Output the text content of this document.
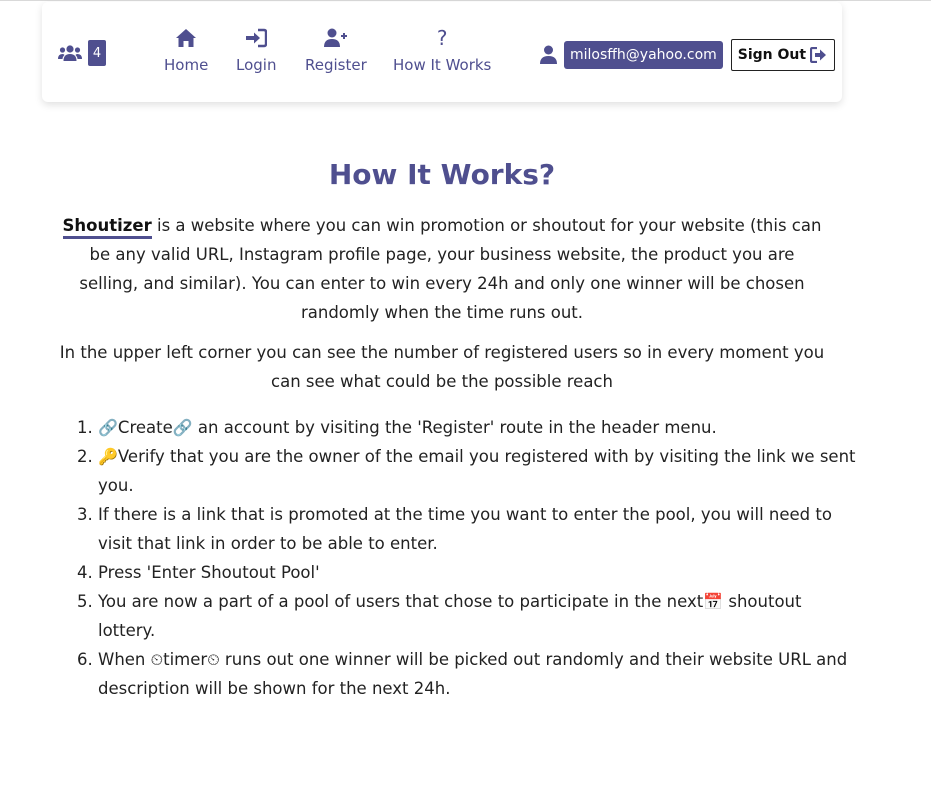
4
Home Login Register
?
How It Works
milosffh@yahoo.com	Sign Out
How It Works?

Shoutizer is a website where you can win promotion or shoutout for your website (this can be any valid URL, Instagram profile page, your business website, the product you are selling, and similar). You can enter to win every 24h and only one winner will be chosen randomly when the time runs out.

In the upper left corner you can see the number of registered users so in every moment you can see what could be the possible reach

1. 🔗Create🔗 an account by visiting the 'Register' route in the header menu.
2. 🔑Verify that you are the owner of the email you registered with by visiting the link we sent you.
3. If there is a link that is promoted at the time you want to enter the pool, you will need to visit that link in order to be able to enter.
4. Press 'Enter Shoutout Pool'
5. You are now a part of a pool of users that chose to participate in the next📅 shoutout lottery.
6. When ⏲timer⏲ runs out one winner will be picked out randomly and their website URL and description will be shown for the next 24h.
